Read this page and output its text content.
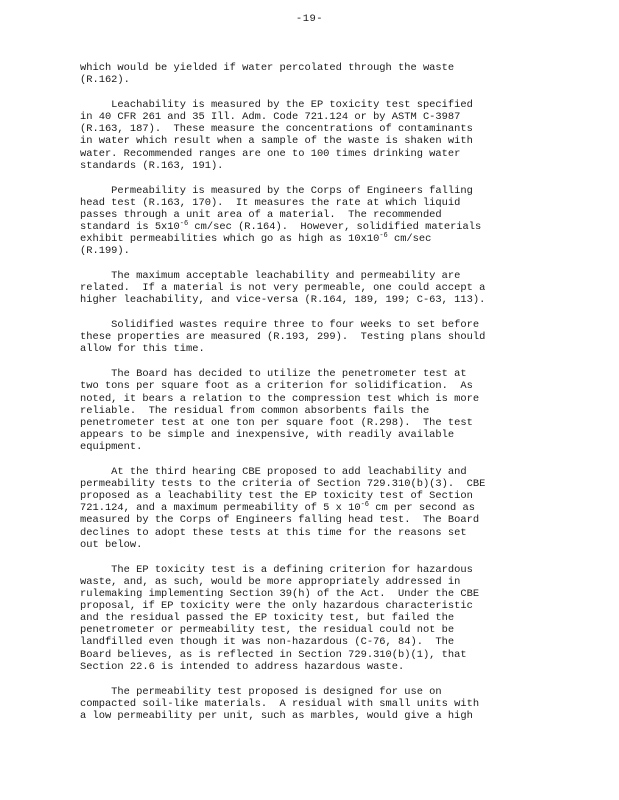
-19-
which would be yielded if water percolated through the waste
(R.162).
Leachability is measured by the EP toxicity test specified
in 40 CFR 261 and 35 Ill. Adm. Code 721.124 or by ASTM C-3987
(R.163, 187).  These measure the concentrations of contaminants
in water which result when a sample of the waste is shaken with
water. Recommended ranges are one to 100 times drinking water
standards (R.163, 191).
Permeability is measured by the Corps of Engineers falling
head test (R.163, 170).  It measures the rate at which liquid
passes through a unit area of a material.  The recommended
standard is $5x10^{-6}$ cm/sec (R.164).  However, solidified materials
exhibit permeabilities which go as high as $10x10^{-6}$ cm/sec
(R.199).
The maximum acceptable leachability and permeability are
related.  If a material is not very permeable, one could accept a
higher leachability, and vice-versa (R.164, 189, 199; C-63, 113).
Solidified wastes require three to four weeks to set before
these properties are measured (R.193, 299).  Testing plans should
allow for this time.
The Board has decided to utilize the penetrometer test at
two tons per square foot as a criterion for solidification.  As
noted, it bears a relation to the compression test which is more
reliable.  The residual from common absorbents fails the
penetrometer test at one ton per square foot (R.298).  The test
appears to be simple and inexpensive, with readily available
equipment.
At the third hearing CBE proposed to add leachability and
permeability tests to the criteria of Section 729.310(b)(3).  CBE
proposed as a leachability test the EP toxicity test of Section
721.124, and a maximum permeability of 5 x $10^{-6}$ cm per second as
measured by the Corps of Engineers falling head test.  The Board
declines to adopt these tests at this time for the reasons set
out below.
The EP toxicity test is a defining criterion for hazardous
waste, and, as such, would be more appropriately addressed in
rulemaking implementing Section 39(h) of the Act.  Under the CBE
proposal, if EP toxicity were the only hazardous characteristic
and the residual passed the EP toxicity test, but failed the
penetrometer or permeability test, the residual could not be
landfilled even though it was non-hazardous (C-76, 84).  The
Board believes, as is reflected in Section 729.310(b)(1), that
Section 22.6 is intended to address hazardous waste.
The permeability test proposed is designed for use on
compacted soil-like materials.  A residual with small units with
a low permeability per unit, such as marbles, would give a high
